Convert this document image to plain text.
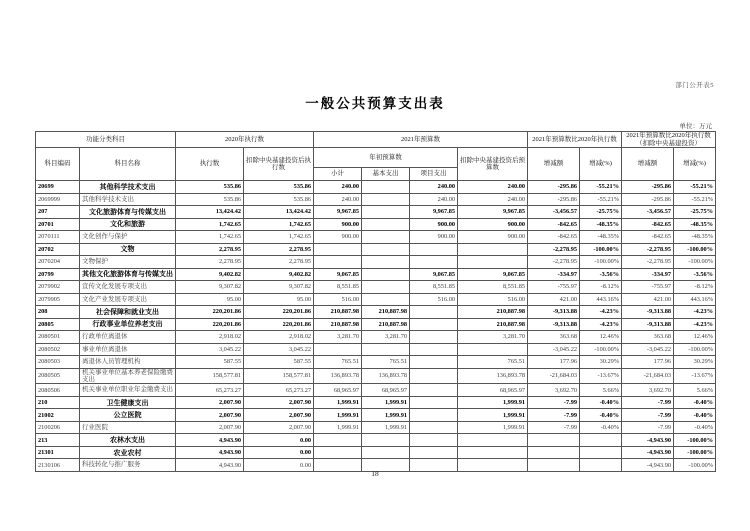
部门公开表5
一般公共预算支出表
单位：万元
功能分类科目		2020年执行数		2021年预算数				2021年预算数比2020年执行数		2021年预算数比2020年执行数（扣除中央基建投资）	
科目编码	科目名称	执行数	扣除中央基建投资后执行数	年初预算数			扣除中央基建投资后预算数	增减额	增减(%)	增减额	增减(%)
				小计	基本支出	项目支出					
20699	其他科学技术支出	535.86	535.86	240.00		240.00	240.00	-295.86	-55.21%	-295.86	-55.21%
2069999	其他科学技术支出	535.86	535.86	240.00		240.00	240.00	-295.86	-55.21%	-295.86	-55.21%
207	文化旅游体育与传媒支出	13,424.42	13,424.42	9,967.85		9,967.85	9,967.85	-3,456.57	-25.75%	-3,456.57	-25.75%
20701	文化和旅游	1,742.65	1,742.65	900.00		900.00	900.00	-842.65	-48.35%	-842.65	-48.35%
2070111	文化创作与保护	1,742.65	1,742.65	900.00		900.00	900.00	-842.65	-48.35%	-842.65	-48.35%
20702	文物	2,278.95	2,278.95					-2,278.95	-100.00%	-2,278.95	-100.00%
2070204	文物保护	2,278.95	2,278.95					-2,278.95	-100.00%	-2,278.95	-100.00%
20799	其他文化旅游体育与传媒支出	9,402.82	9,402.82	9,067.85		9,067.85	9,067.85	-334.97	-3.56%	-334.97	-3.56%
2079902	宣传文化发展专项支出	9,307.82	9,307.82	8,551.85		8,551.85	8,551.85	-755.97	-8.12%	-755.97	-8.12%
2079905	文化产业发展专项支出	95.00	95.00	516.00		516.00	516.00	421.00	443.16%	421.00	443.16%
208	社会保障和就业支出	220,201.86	220,201.86	210,887.98	210,887.98		210,887.98	-9,313.88	-4.23%	-9,313.88	-4.23%
20805	行政事业单位养老支出	220,201.86	220,201.86	210,887.98	210,887.98		210,887.98	-9,313.88	-4.23%	-9,313.88	-4.23%
2080501	行政单位离退休	2,918.02	2,918.02	3,281.70	3,281.70		3,281.70	363.68	12.46%	363.68	12.46%
2080502	事业单位离退休	3,045.22	3,045.22					-3,045.22	-100.00%	-3,045.22	-100.00%
2080503	离退休人员管理机构	587.55	587.55	765.51	765.51		765.51	177.96	30.29%	177.96	30.29%
2080505	机关事业单位基本养老保险缴费支出	158,577.81	158,577.81	136,893.78	136,893.78		136,893.78	-21,684.03	-13.67%	-21,684.03	-13.67%
2080506	机关事业单位职业年金缴费支出	65,273.27	65,273.27	68,965.97	68,965.97		68,965.97	3,692.70	5.66%	3,692.70	5.66%
210	卫生健康支出	2,007.90	2,007.90	1,999.91	1,999.91		1,999.91	-7.99	-0.40%	-7.99	-0.40%
21002	公立医院	2,007.90	2,007.90	1,999.91	1,999.91		1,999.91	-7.99	-0.40%	-7.99	-0.40%
2100206	行业医院	2,007.90	2,007.90	1,999.91	1,999.91		1,999.91	-7.99	-0.40%	-7.99	-0.40%
213	农林水支出	4,943.90	0.00							-4,943.90	-100.00%
21301	农业农村	4,943.90	0.00							-4,943.90	-100.00%
2130106	科技转化与推广服务	4,943.90	0.00							-4,943.90	-100.00%
18
